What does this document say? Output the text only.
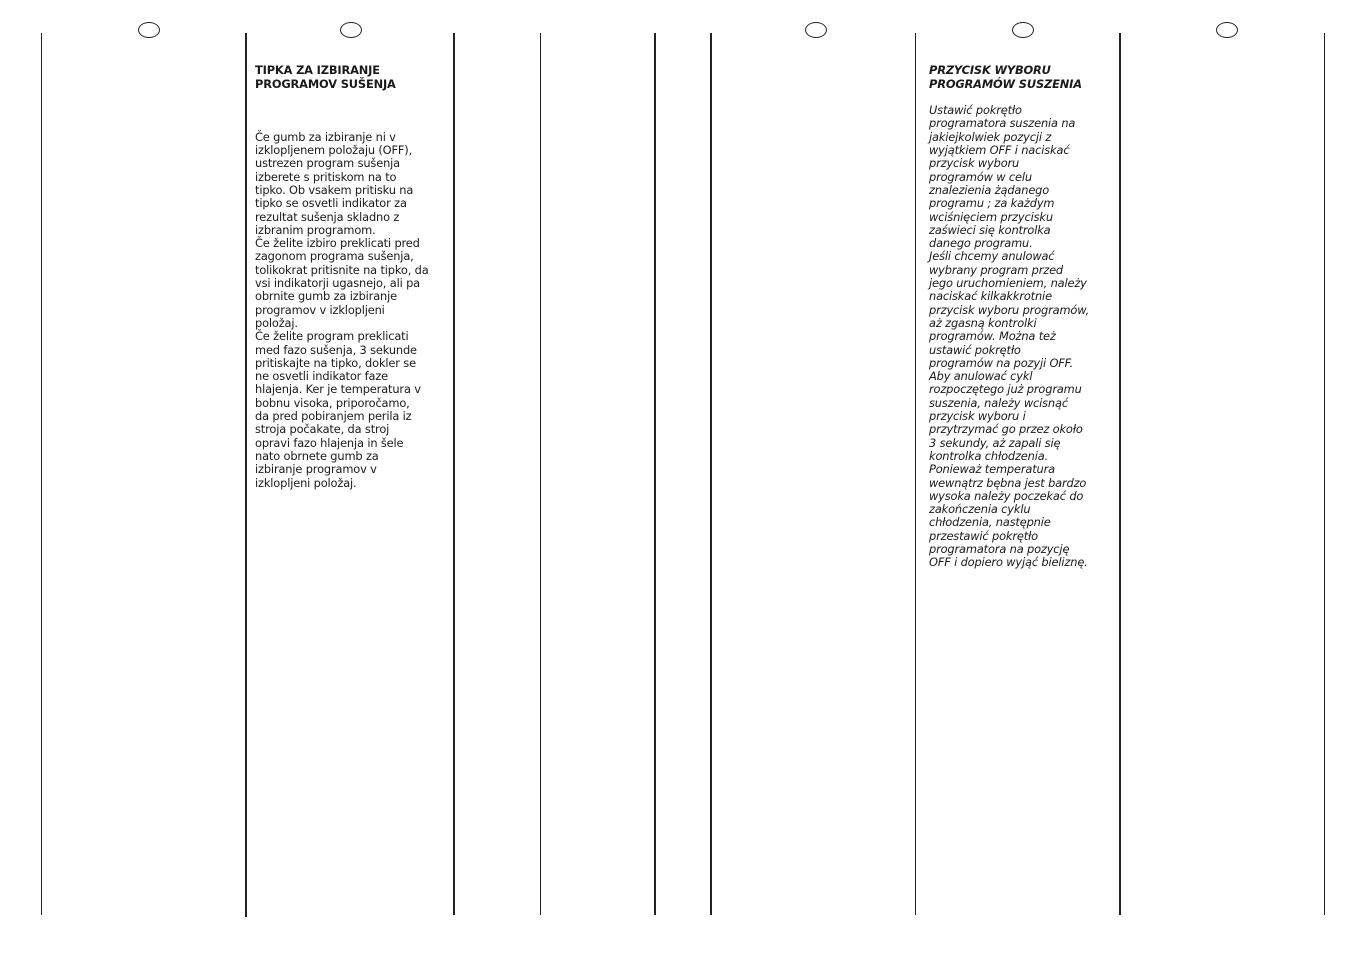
TIPKA ZA IZBIRANJE
PROGRAMOV SUŠENJA

Če gumb za izbiranje ni v
izklopljenem položaju (OFF),
ustrezen program sušenja
izberete s pritiskom na to
tipko. Ob vsakem pritisku na
tipko se osvetli indikator za
rezultat sušenja skladno z
izbranim programom.
Če želite izbiro preklicati pred
zagonom programa sušenja,
tolikokrat pritisnite na tipko, da
vsi indikatorji ugasnejo, ali pa
obrnite gumb za izbiranje
programov v izklopljeni
položaj.
Če želite program preklicati
med fazo sušenja, 3 sekunde
pritiskajte na tipko, dokler se
ne osvetli indikator faze
hlajenja. Ker je temperatura v
bobnu visoka, priporočamo,
da pred pobiranjem perila iz
stroja počakate, da stroj
opravi fazo hlajenja in šele
nato obrnete gumb za
izbiranje programov v
izklopljeni položaj.

PRZYCISK WYBORU
PROGRAMÓW SUSZENIA

Ustawić pokrętło
programatora suszenia na
jakiejkolwiek pozycji z
wyjątkiem OFF i naciskać
przycisk wyboru
programów w celu
znalezienia żądanego
programu ; za każdym
wciśnięciem przycisku
zaświeci się kontrolka
danego programu.
Jeśli chcemy anulować
wybrany program przed
jego uruchomieniem, należy
naciskać kilkakkrotnie
przycisk wyboru programów,
aż zgasną kontrolki
programów. Można też
ustawić pokrętło
programów na pozyji OFF.
Aby anulować cykl
rozpoczętego już programu
suszenia, należy wcisnąć
przycisk wyboru i
przytrzymać go przez około
3 sekundy, aż zapali się
kontrolka chłodzenia.
Ponieważ temperatura
wewnątrz bębna jest bardzo
wysoka należy poczekać do
zakończenia cyklu
chłodzenia, następnie
przestawić pokrętło
programatora na pozycję
OFF i dopiero wyjąć bieliznę.
